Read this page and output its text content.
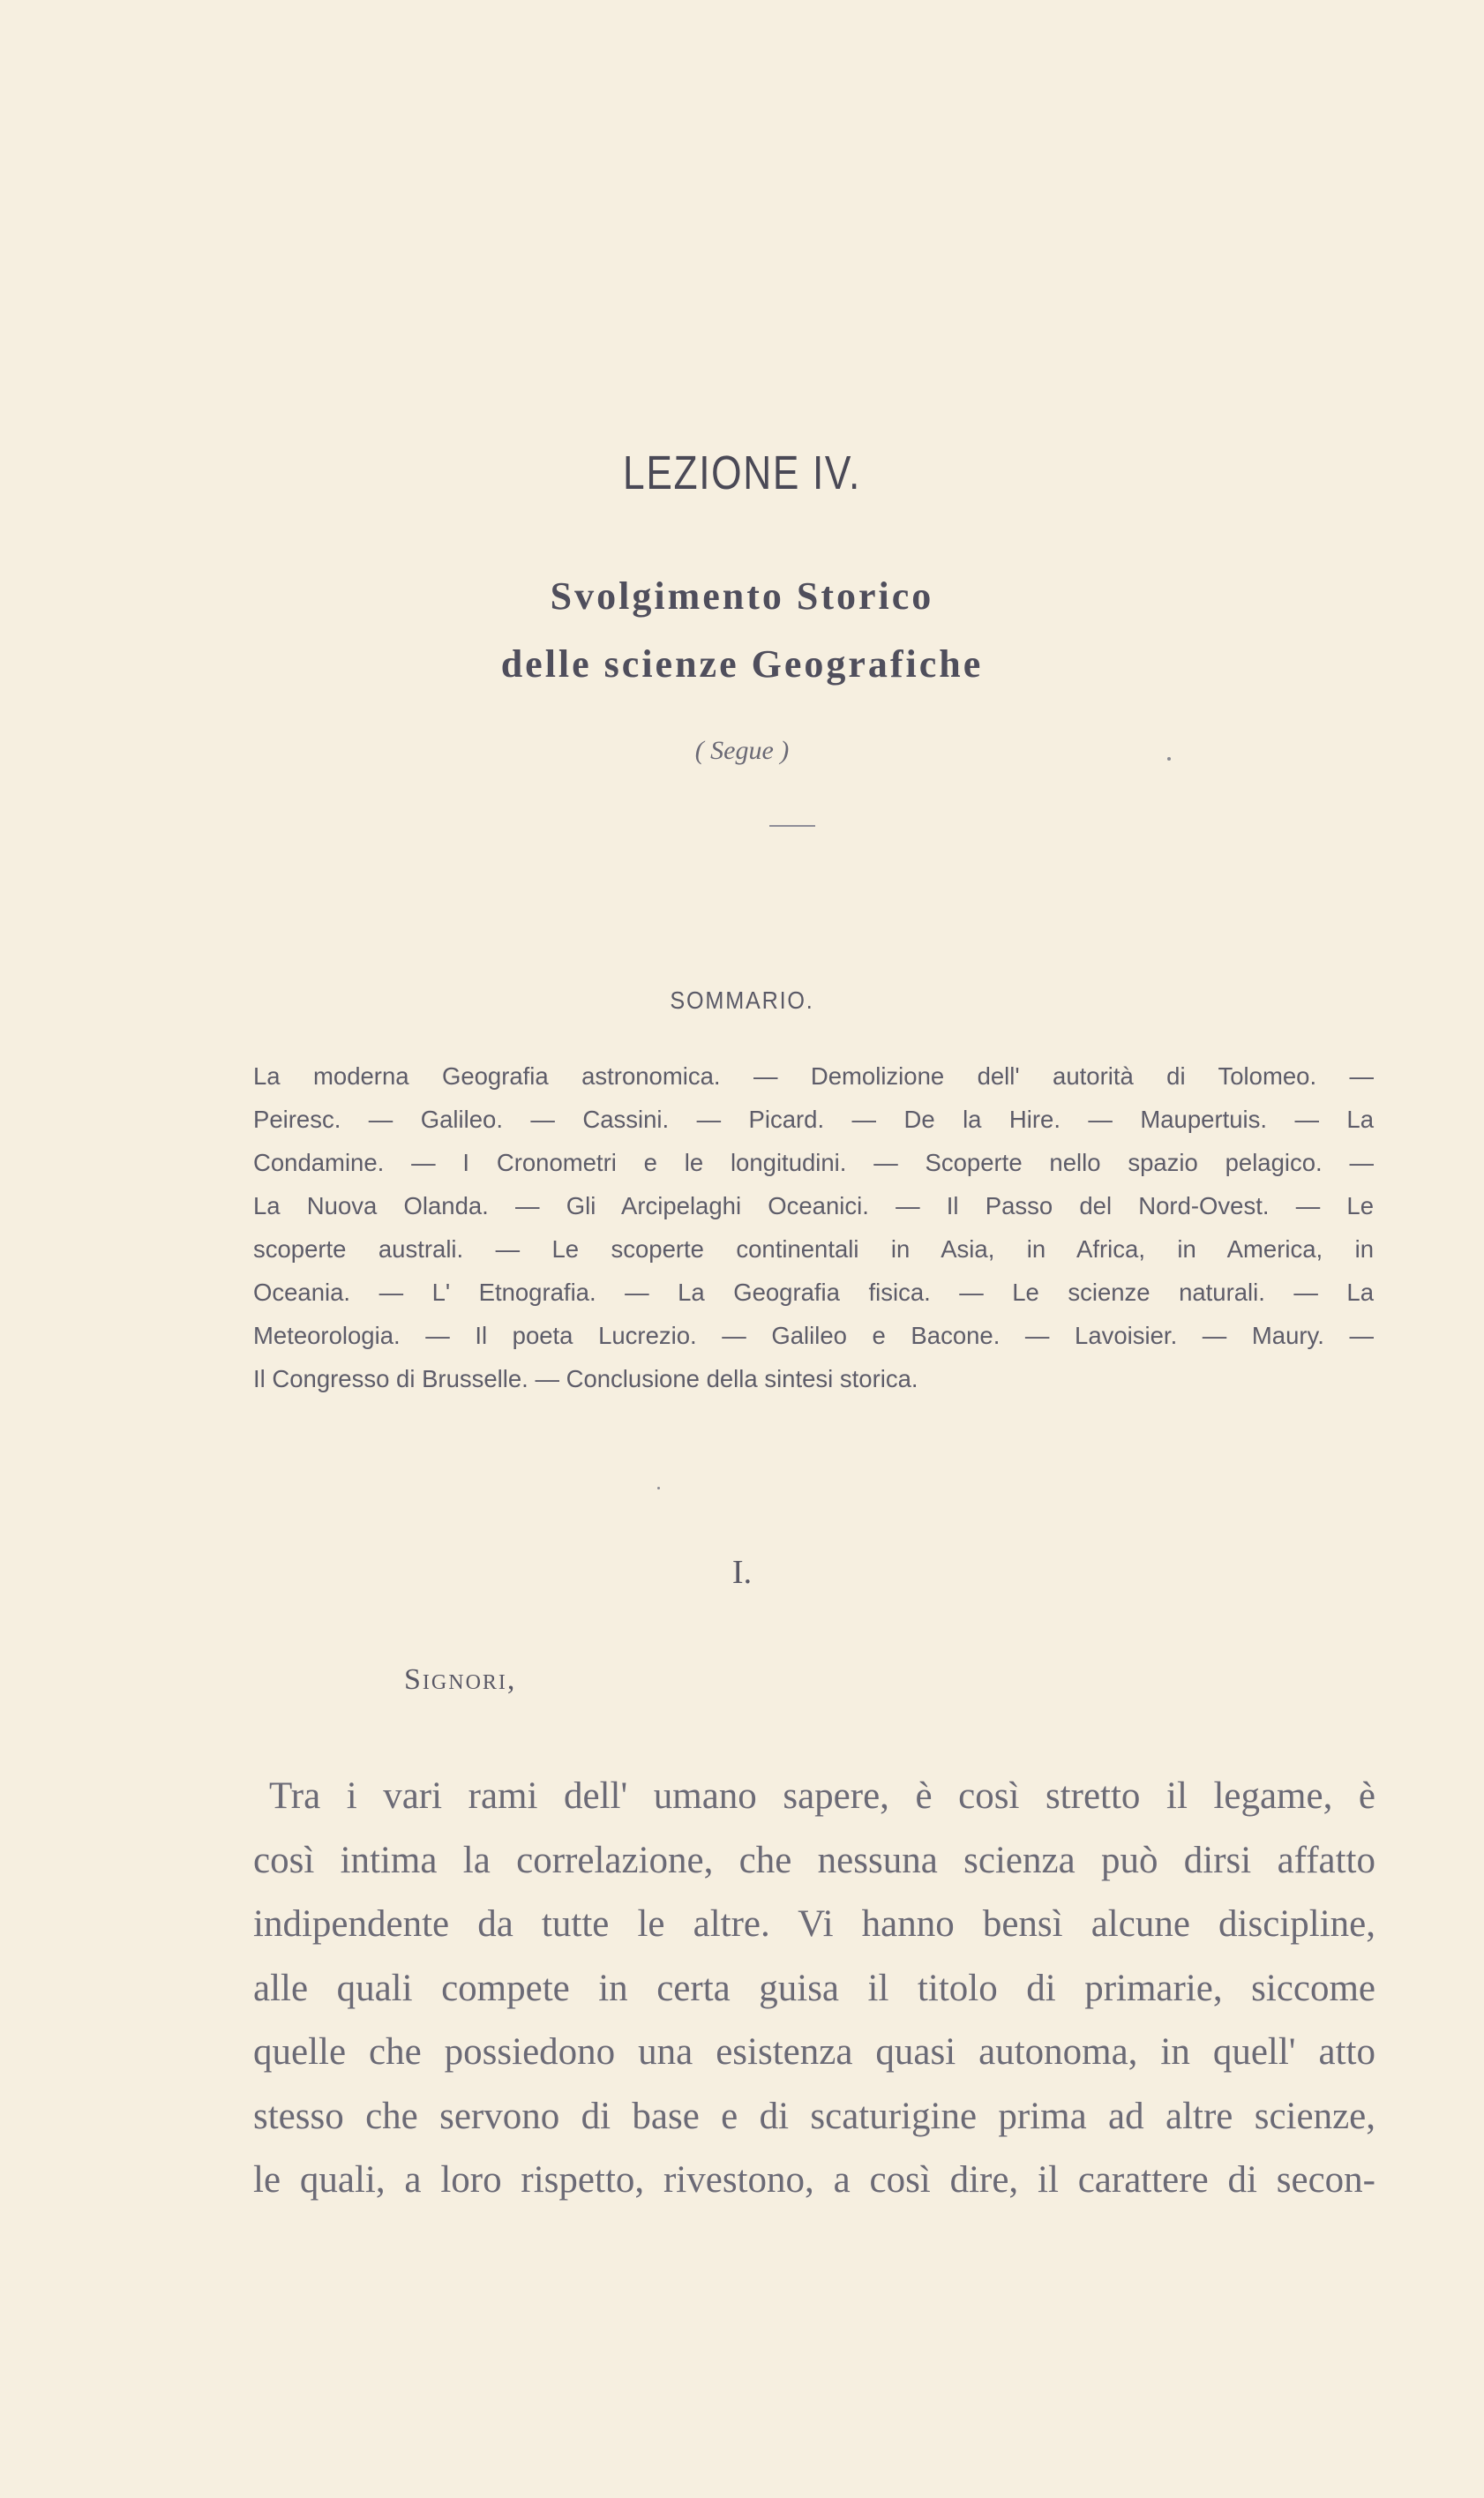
LEZIONE IV.
Svolgimento Storico
delle scienze Geografiche
( Segue )
SOMMARIO.
La moderna Geografia astronomica. — Demolizione dell' autorità di Tolomeo. —
Peiresc. — Galileo. — Cassini. — Picard. — De la Hire. — Maupertuis. — La
Condamine. — I Cronometri e le longitudini. — Scoperte nello spazio pelagico. —
La Nuova Olanda. — Gli Arcipelaghi Oceanici. — Il Passo del Nord-Ovest. — Le
scoperte australi. — Le scoperte continentali in Asia, in Africa, in America, in
Oceania. — L' Etnografia. — La Geografia fisica. — Le scienze naturali. — La
Meteorologia. — Il poeta Lucrezio. — Galileo e Bacone. — Lavoisier. — Maury. —
Il Congresso di Brusselle. — Conclusione della sintesi storica.
I.
Signori,
Tra i vari rami dell' umano sapere, è così stretto il legame, è
così intima la correlazione, che nessuna scienza può dirsi affatto
indipendente da tutte le altre. Vi hanno bensì alcune discipline,
alle quali compete in certa guisa il titolo di primarie, siccome
quelle che possiedono una esistenza quasi autonoma, in quell' atto
stesso che servono di base e di scaturigine prima ad altre scienze,
le quali, a loro rispetto, rivestono, a così dire, il carattere di secon-
